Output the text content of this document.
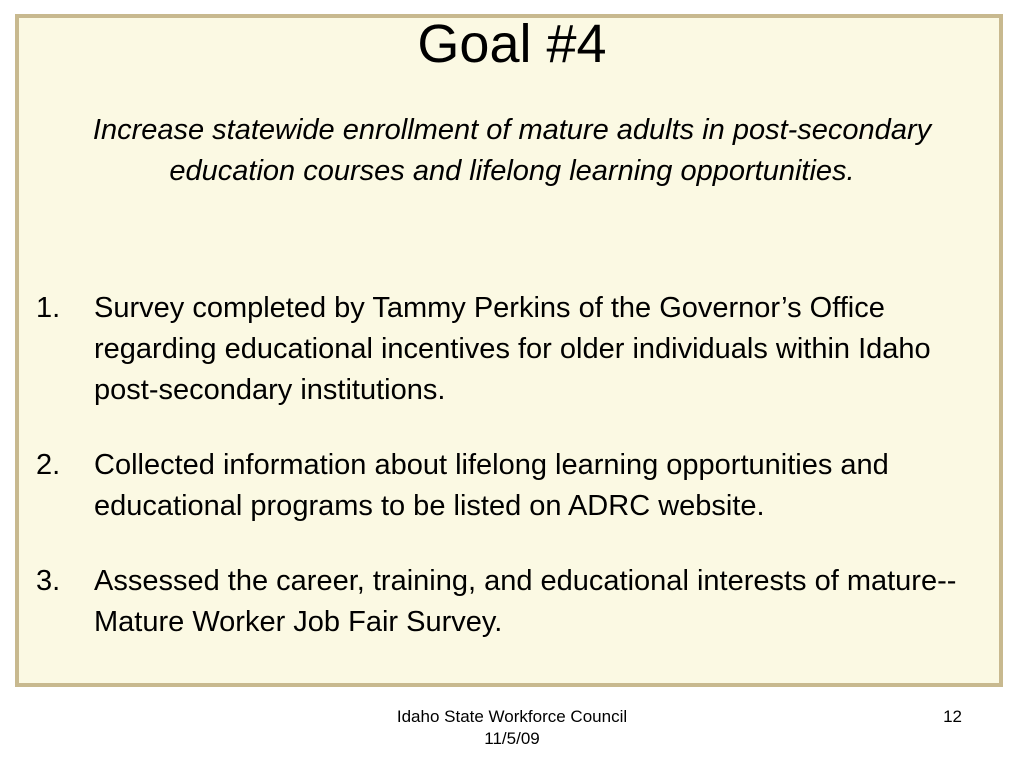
Goal #4

Increase statewide enrollment of mature adults in post-secondary education courses and lifelong learning opportunities.

1.	Survey completed by Tammy Perkins of the Governor’s Office regarding educational incentives for older individuals within Idaho post-secondary institutions.
2.	Collected information about lifelong learning opportunities and educational programs to be listed on ADRC website.
3.	Assessed the career, training, and educational interests of mature--Mature Worker Job Fair Survey.
Idaho State Workforce Council
11/5/09
12
